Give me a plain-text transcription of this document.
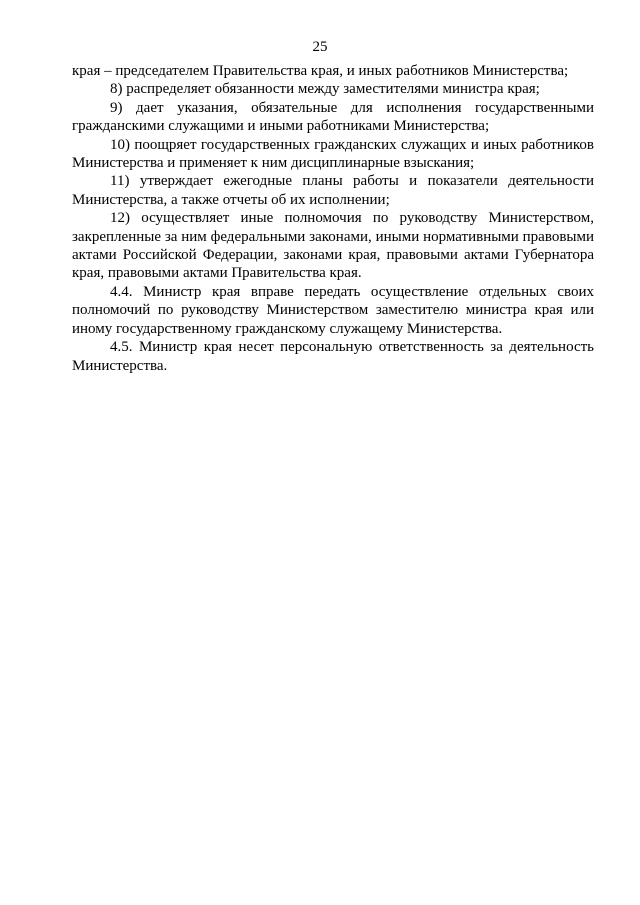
25

края – председателем Правительства края, и иных работников Министерства;

8) распределяет обязанности между заместителями министра края;

9) дает указания, обязательные для исполнения государственными гражданскими служащими и иными работниками Министерства;

10) поощряет государственных гражданских служащих и иных работников Министерства и применяет к ним дисциплинарные взыскания;

11) утверждает ежегодные планы работы и показатели деятельности Министерства, а также отчеты об их исполнении;

12) осуществляет иные полномочия по руководству Министерством, закрепленные за ним федеральными законами, иными нормативными правовыми актами Российской Федерации, законами края, правовыми актами Губернатора края, правовыми актами Правительства края.

4.4. Министр края вправе передать осуществление отдельных своих полномочий по руководству Министерством заместителю министра края или иному государственному гражданскому служащему Министерства.

4.5. Министр края несет персональную ответственность за деятельность Министерства.
